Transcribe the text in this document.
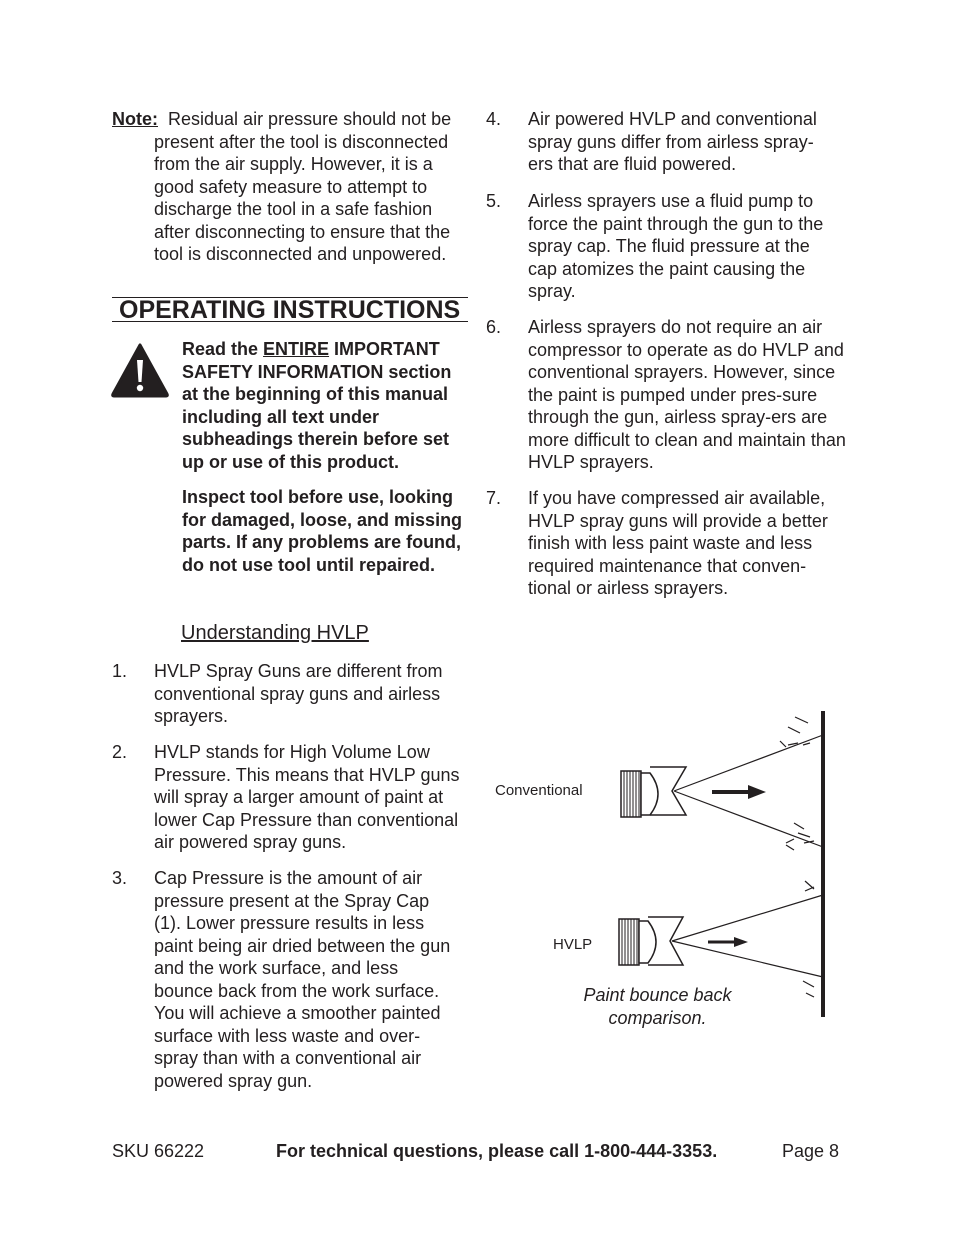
Note: Residual air pressure should not be
present after the tool is disconnected from the air supply. However, it is a good safety measure to attempt to discharge the tool in a safe fashion after disconnecting to ensure that the tool is disconnected and unpowered.
OPERATING INSTRUCTIONS
Read the ENTIRE IMPORTANT SAFETY INFORMATION section at the beginning of this manual including all text under subheadings therein before set up or use of this product.
Inspect tool before use, looking for damaged, loose, and missing parts. If any problems are found, do not use tool until repaired.
Understanding HVLP
1. HVLP Spray Guns are different from conventional spray guns and airless sprayers.
2. HVLP stands for High Volume Low Pressure. This means that HVLP guns will spray a larger amount of paint at lower Cap Pressure than conventional air powered spray guns.
3. Cap Pressure is the amount of air pressure present at the Spray Cap (1). Lower pressure results in less paint being air dried between the gun and the work surface, and less bounce back from the work surface. You will achieve a smoother painted surface with less waste and over-spray than with a conventional air powered spray gun.
4. Air powered HVLP and conventional spray guns differ from airless spray-ers that are fluid powered.
5. Airless sprayers use a fluid pump to force the paint through the gun to the spray cap. The fluid pressure at the cap atomizes the paint causing the spray.
6. Airless sprayers do not require an air compressor to operate as do HVLP and conventional sprayers. However, since the paint is pumped under pres-sure through the gun, airless spray-ers are more difficult to clean and maintain than HVLP sprayers.
7. If you have compressed air available, HVLP spray guns will provide a better finish with less paint waste and less required maintenance that conven-tional or airless sprayers.
Conventional
HVLP
Paint bounce back comparison.
SKU 66222	For technical questions, please call 1-800-444-3353.	Page 8
